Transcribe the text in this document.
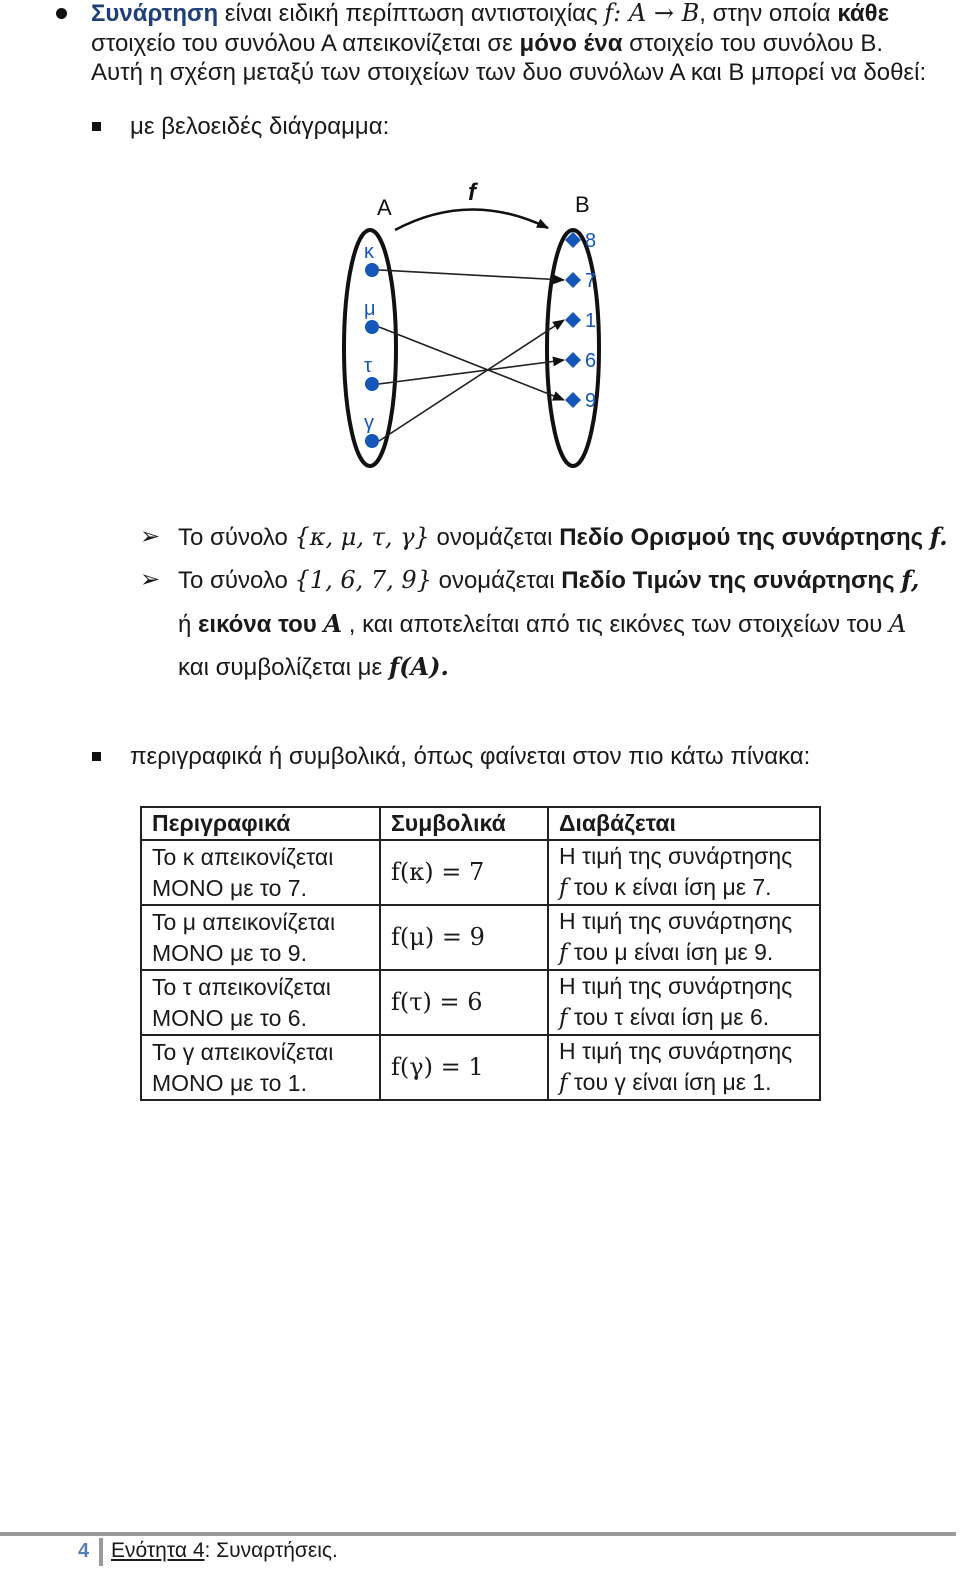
Συνάρτηση είναι ειδική περίπτωση αντιστοιχίας f: A → B, στην οποία κάθε
στοιχείο του συνόλου Α απεικονίζεται σε μόνο ένα στοιχείο του συνόλου Β.
Αυτή η σχέση μεταξύ των στοιχείων των δυο συνόλων Α και Β μπορεί να δοθεί:
με βελοειδές διάγραμμα:
Α	Β
f
κ
μ
τ
γ
8
7
1
6
9
➢ Το σύνολο {κ, μ, τ, γ} ονομάζεται Πεδίο Ορισμού της συνάρτησης f.
➢ Το σύνολο {1, 6, 7, 9} ονομάζεται Πεδίο Τιμών της συνάρτησης f,
ή εικόνα του A , και αποτελείται από τις εικόνες των στοιχείων του A
και συμβολίζεται με f(A).
περιγραφικά ή συμβολικά, όπως φαίνεται στον πιο κάτω πίνακα:
Περιγραφικά	Συμβολικά	Διαβάζεται
Το κ απεικονίζεται
ΜΟΝΟ με το 7.	f(κ) = 7	Η τιμή της συνάρτησης
f του κ είναι ίση με 7.
Το μ απεικονίζεται
ΜΟΝΟ με το 9.	f(μ) = 9	Η τιμή της συνάρτησης
f του μ είναι ίση με 9.
Το τ απεικονίζεται
ΜΟΝΟ με το 6.	f(τ) = 6	Η τιμή της συνάρτησης
f του τ είναι ίση με 6.
Το γ απεικονίζεται
ΜΟΝΟ με το 1.	f(γ) = 1	Η τιμή της συνάρτησης
f του γ είναι ίση με 1.
4 Ενότητα 4: Συναρτήσεις.
